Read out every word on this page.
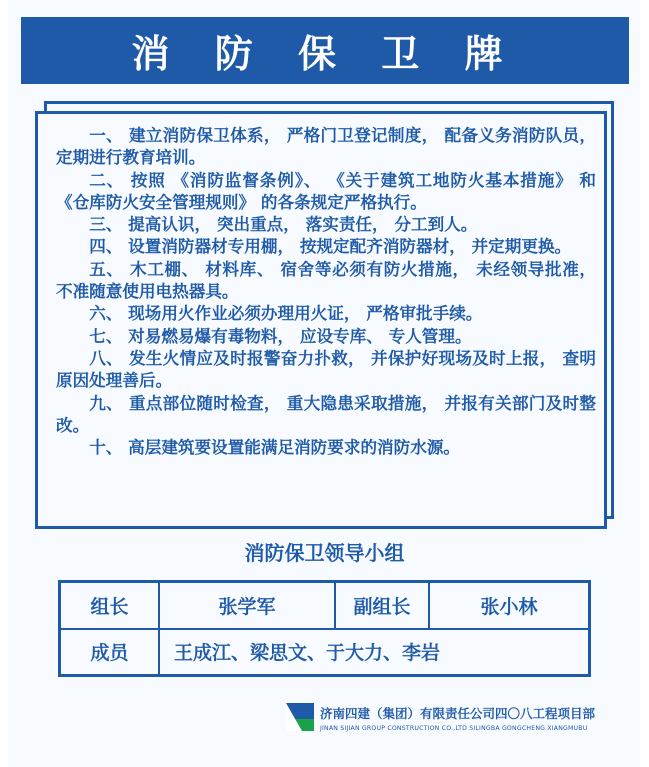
消 防 保 卫 牌

一、 建立消防保卫体系， 严格门卫登记制度， 配备义务消防队员， 定期进行教育培训。

二、 按照 《消防监督条例》、 《关于建筑工地防火基本措施》 和 《仓库防火安全管理规则》 的各条规定严格执行。

三、 提高认识， 突出重点， 落实责任， 分工到人。

四、 设置消防器材专用棚， 按规定配齐消防器材， 并定期更换。

五、 木工棚、 材料库、 宿舍等必须有防火措施， 未经领导批准， 不准随意使用电热器具。

六、 现场用火作业必须办理用火证， 严格审批手续。

七、 对易燃易爆有毒物料， 应设专库、 专人管理。

八、 发生火情应及时报警奋力扑救， 并保护好现场及时上报， 查明原因处理善后。

九、 重点部位随时检查， 重大隐患采取措施， 并报有关部门及时整改。

十、 高层建筑要设置能满足消防要求的消防水源。

消防保卫领导小组
组长	张学军	副组长	张小林
成员	王成江、梁思文、于大力、李岩		
济南四建（集团）有限责任公司四〇八工程项目部
JINAN SIJIAN GROUP CONSTRUCTION CO.,LTD SILINGBA GONGCHENG XIANGMUBU
